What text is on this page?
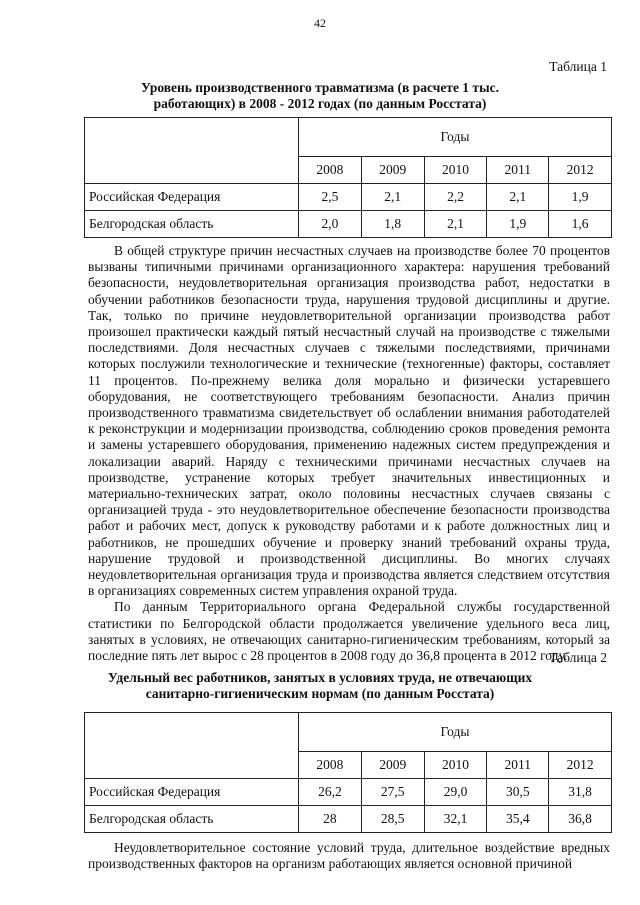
42
Таблица 1
Уровень производственного травматизма (в расчете 1 тыс.
работающих) в 2008 - 2012 годах (по данным Росстата)
	Годы				
	2008	2009	2010	2011	2012
Российская Федерация	2,5	2,1	2,2	2,1	1,9
Белгородская область	2,0	1,8	2,1	1,9	1,6

В общей структуре причин несчастных случаев на производстве более 70 процентов вызваны типичными причинами организационного характера: нарушения требований безопасности, неудовлетворительная организация производства работ, недостатки в обучении работников безопасности труда, нарушения трудовой дисциплины и другие. Так, только по причине неудовлетворительной организации производства работ произошел практически каждый пятый несчастный случай на производстве с тяжелыми последствиями. Доля несчастных случаев с тяжелыми последствиями, причинами которых послужили технологические и технические (техногенные) факторы, составляет 11 процентов. По-прежнему велика доля морально и физически устаревшего оборудования, не соответствующего требованиям безопасности. Анализ причин производственного травматизма свидетельствует об ослаблении внимания работодателей к реконструкции и модернизации производства, соблюдению сроков проведения ремонта и замены устаревшего оборудования, применению надежных систем предупреждения и локализации аварий. Наряду с техническими причинами несчастных случаев на производстве, устранение которых требует значительных инвестиционных и материально-технических затрат, около половины несчастных случаев связаны с организацией труда - это неудовлетворительное обеспечение безопасности производства работ и рабочих мест, допуск к руководству работами и к работе должностных лиц и работников, не прошедших обучение и проверку знаний требований охраны труда, нарушение трудовой и производственной дисциплины. Во многих случаях неудовлетворительная организация труда и производства является следствием отсутствия в организациях современных систем управления охраной труда.

По данным Территориального органа Федеральной службы государственной статистики по Белгородской области продолжается увеличение удельного веса лиц, занятых в условиях, не отвечающих санитарно-гигиеническим требованиям, который за последние пять лет вырос с 28 процентов в 2008 году до 36,8 процента в 2012 году.

Таблица 2
Удельный вес работников, занятых в условиях труда, не отвечающих
санитарно-гигиеническим нормам (по данным Росстата)
	Годы				
	2008	2009	2010	2011	2012
Российская Федерация	26,2	27,5	29,0	30,5	31,8
Белгородская область	28	28,5	32,1	35,4	36,8

Неудовлетворительное состояние условий труда, длительное воздействие вредных производственных факторов на организм работающих является основной причиной
